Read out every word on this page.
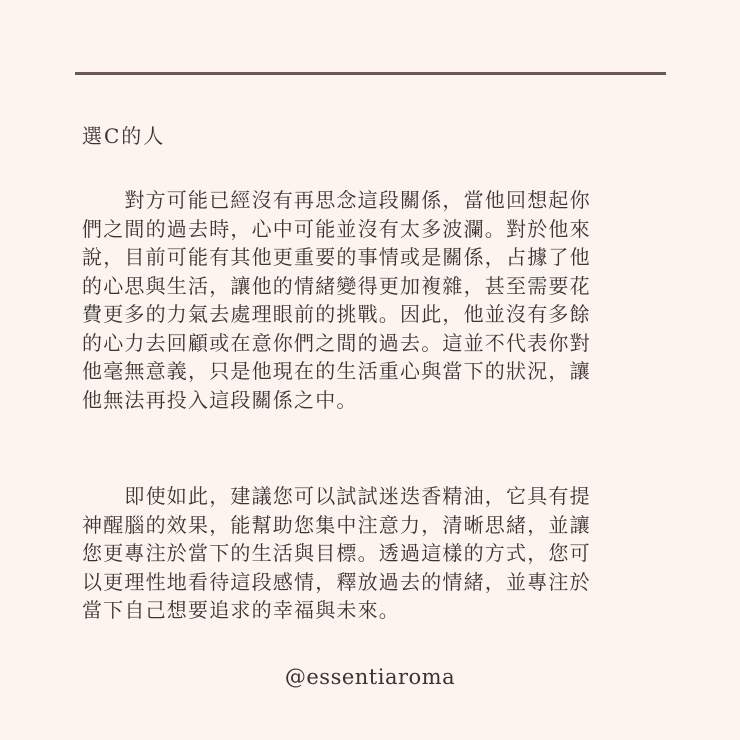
選C的人
　　對方可能已經沒有再思念這段關係，當他回想起你
們之間的過去時，心中可能並沒有太多波瀾。對於他來
說，目前可能有其他更重要的事情或是關係，占據了他
的心思與生活，讓他的情緒變得更加複雜，甚至需要花
費更多的力氣去處理眼前的挑戰。因此，他並沒有多餘
的心力去回顧或在意你們之間的過去。這並不代表你對
他毫無意義，只是他現在的生活重心與當下的狀況，讓
他無法再投入這段關係之中。
　　即使如此，建議您可以試試迷迭香精油，它具有提
神醒腦的效果，能幫助您集中注意力，清晰思緒，並讓
您更專注於當下的生活與目標。透過這樣的方式，您可
以更理性地看待這段感情，釋放過去的情緒，並專注於
當下自己想要追求的幸福與未來。
@essentiaroma
